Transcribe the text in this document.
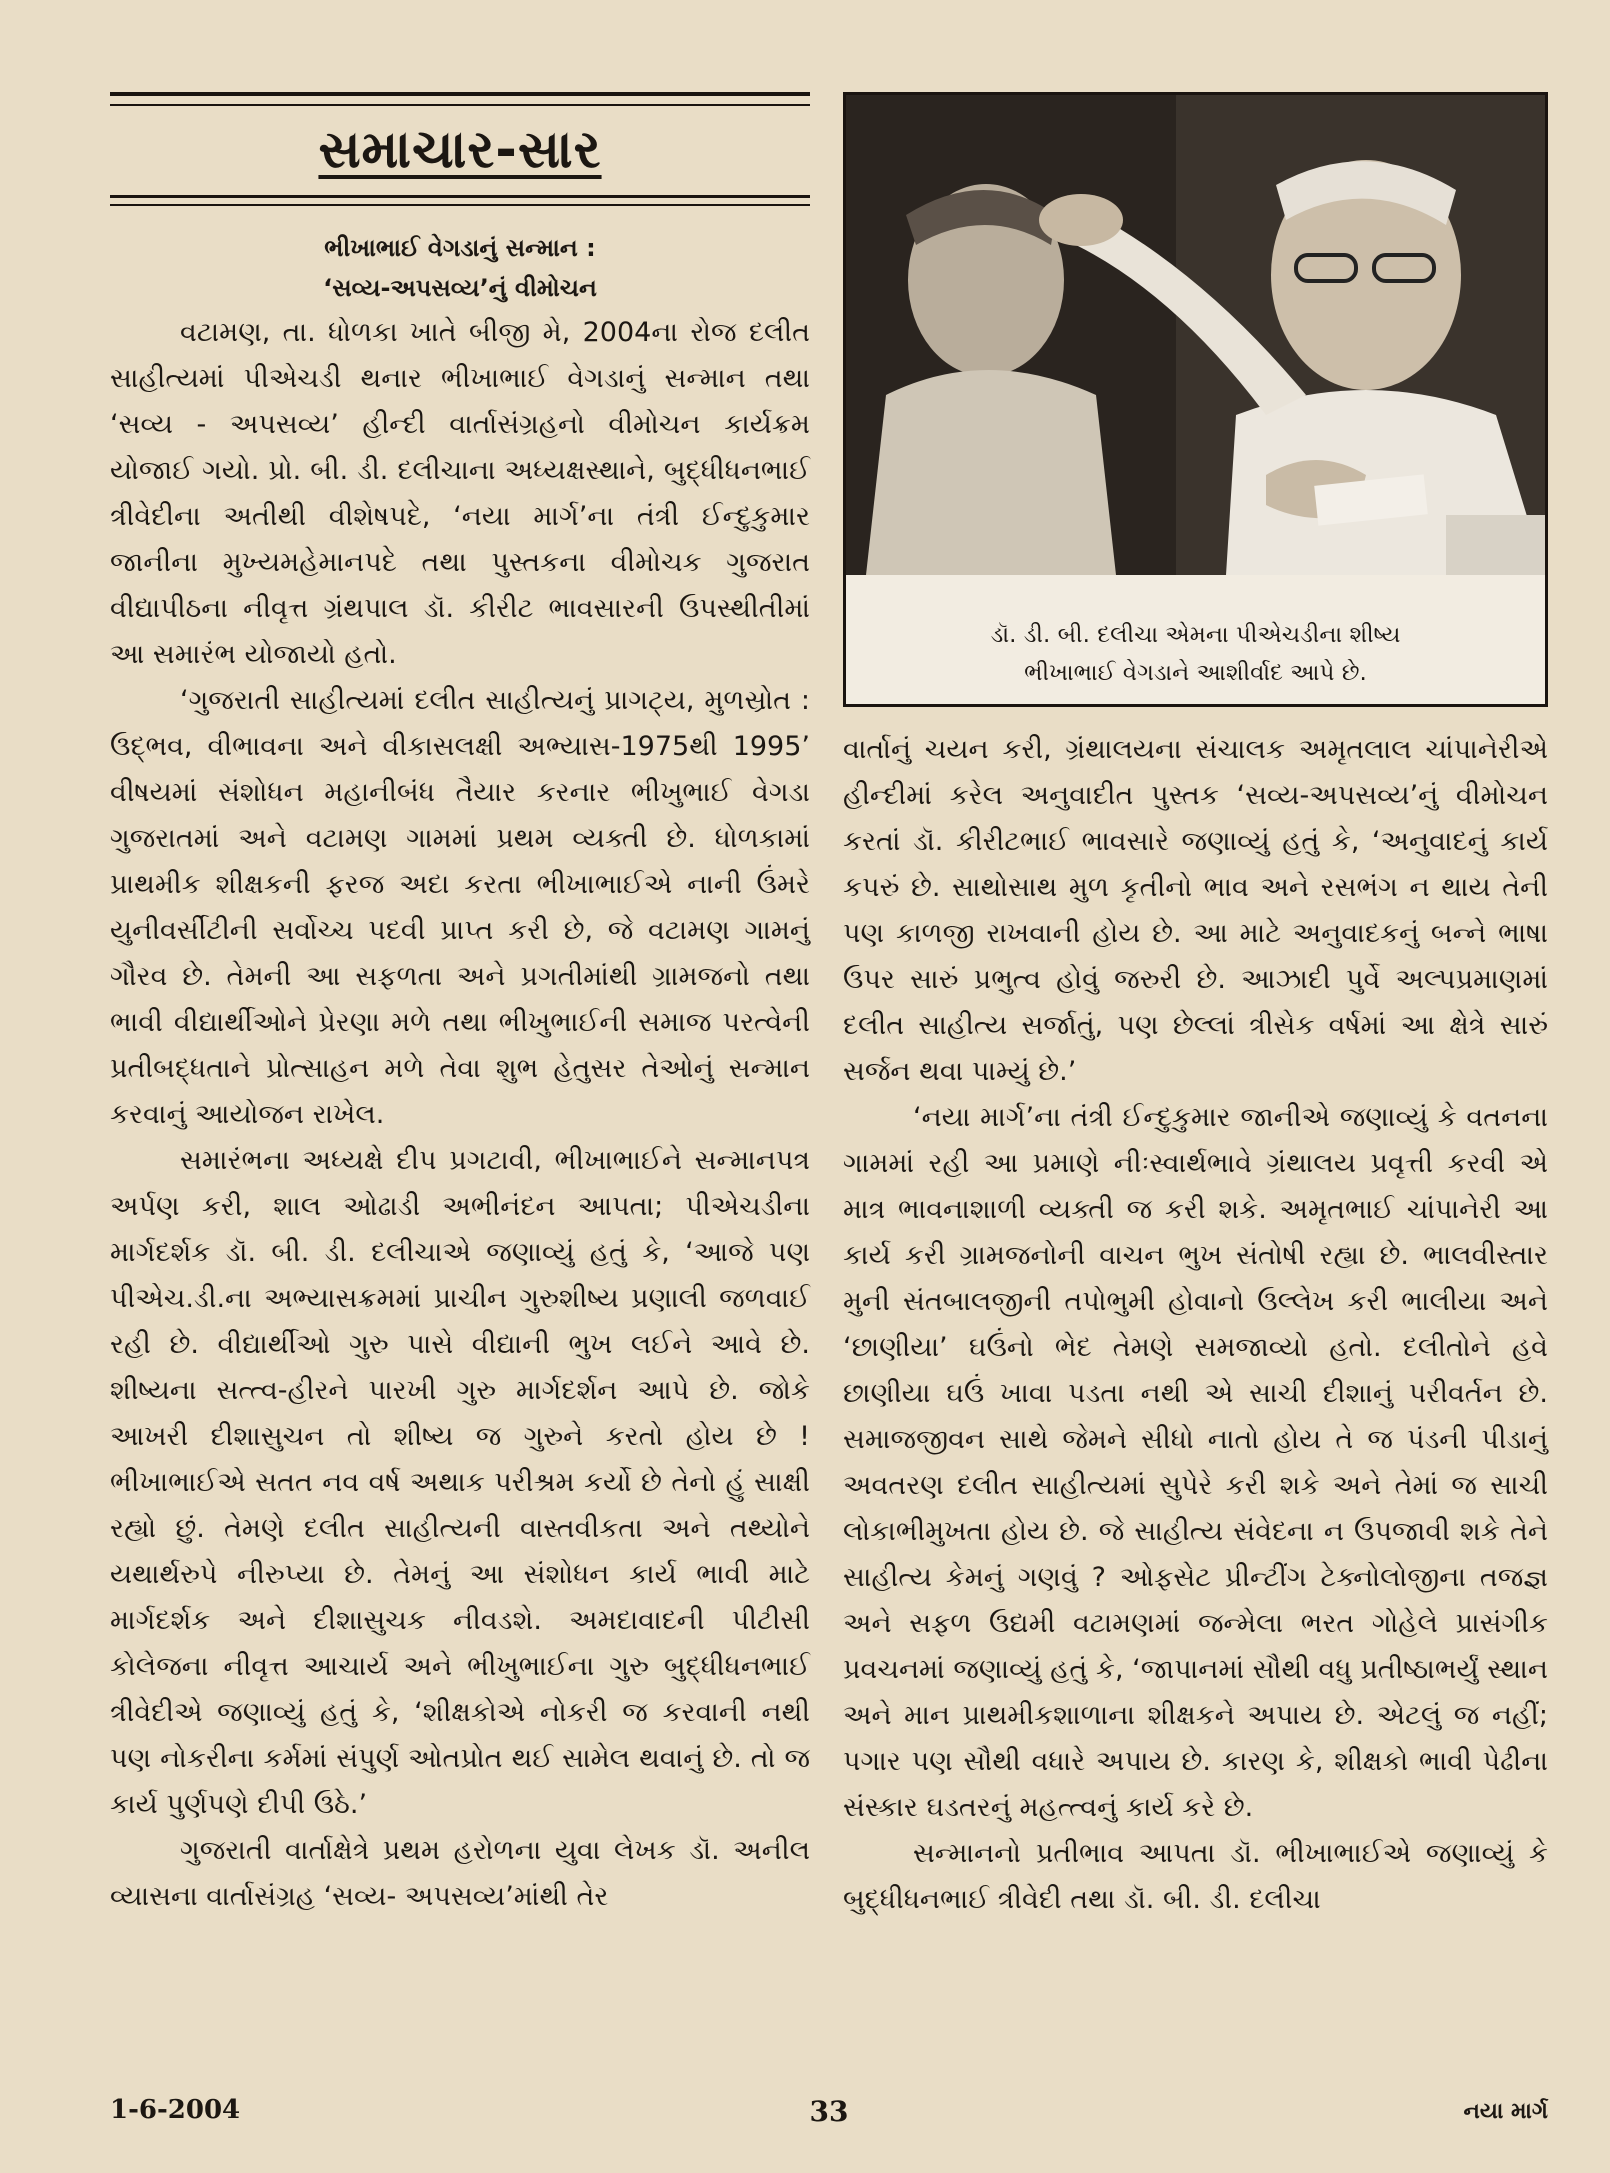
સમાચાર-સાર
ભીખાભાઈ વેગડાનું સન્માન :
‘સવ્ય-અપસવ્ય’નું વીમોચન

વટામણ, તા. ધોળકા ખાતે બીજી મે, 2004ના રોજ દલીત સાહીત્યમાં પીએચડી થનાર ભીખાભાઈ વેગડાનું સન્માન તથા ‘સવ્ય - અપસવ્ય’ હીન્દી વાર્તાસંગ્રહનો વીમોચન કાર્યક્રમ યોજાઈ ગયો. પ્રો. બી. ડી. દલીચાના અધ્યક્ષસ્થાને, બુદ્ધીધનભાઈ ત્રીવેદીના અતીથી વીશેષપદે, ‘નયા માર્ગ’ના તંત્રી ઈન્દુકુમાર જાનીના મુખ્યમહેમાનપદે તથા પુસ્તકના વીમોચક ગુજરાત વીદ્યાપીઠના નીવૃત્ત ગ્રંથપાલ ડૉ. કીરીટ ભાવસારની ઉપસ્થીતીમાં આ સમારંભ યોજાયો હતો.

‘ગુજરાતી સાહીત્યમાં દલીત સાહીત્યનું પ્રાગટ્ય, મુળસ્રોત : ઉદ્‌ભવ, વીભાવના અને વીકાસલક્ષી અભ્યાસ-1975થી 1995’ વીષયમાં સંશોધન મહાનીબંધ તૈયાર કરનાર ભીખુભાઈ વેગડા ગુજરાતમાં અને વટામણ ગામમાં પ્રથમ વ્યક્તી છે. ધોળકામાં પ્રાથમીક શીક્ષકની ફરજ અદા કરતા ભીખાભાઈએ નાની ઉંમરે યુનીવર્સીટીની સર્વોચ્ચ પદવી પ્રાપ્ત કરી છે, જે વટામણ ગામનું ગૌરવ છે. તેમની આ સફળતા અને પ્રગતીમાંથી ગ્રામજનો તથા ભાવી વીદ્યાર્થીઓને પ્રેરણા મળે તથા ભીખુભાઈની સમાજ પરત્વેની પ્રતીબદ્ધતાને પ્રોત્સાહન મળે તેવા શુભ હેતુસર તેઓનું સન્માન કરવાનું આયોજન રાખેલ.

સમારંભના અધ્યક્ષે દીપ પ્રગટાવી, ભીખાભાઈને સન્માનપત્ર અર્પણ કરી, શાલ ઓઢાડી અભીનંદન આપતા; પીએચડીના માર્ગદર્શક ડૉ. બી. ડી. દલીચાએ જણાવ્યું હતું કે, ‘આજે પણ પીએચ.ડી.ના અભ્યાસક્રમમાં પ્રાચીન ગુરુશીષ્ય પ્રણાલી જળવાઈ રહી છે. વીદ્યાર્થીઓ ગુરુ પાસે વીદ્યાની ભુખ લઈને આવે છે. શીષ્યના સત્ત્વ-હીરને પારખી ગુરુ માર્ગદર્શન આપે છે. જોકે આખરી દીશાસુચન તો શીષ્ય જ ગુરુને કરતો હોય છે ! ભીખાભાઈએ સતત નવ વર્ષ અથાક પરીશ્રમ કર્યો છે તેનો હું સાક્ષી રહ્યો છું. તેમણે દલીત સાહીત્યની વાસ્તવીકતા અને તથ્યોને યથાર્થરુપે નીરુપ્યા છે. તેમનું આ સંશોધન કાર્ય ભાવી માટે માર્ગદર્શક અને દીશાસુચક નીવડશે. અમદાવાદની પીટીસી કોલેજના નીવૃત્ત આચાર્ય અને ભીખુભાઈના ગુરુ બુદ્ધીધનભાઈ ત્રીવેદીએ જણાવ્યું હતું કે, ‘શીક્ષકોએ નોકરી જ કરવાની નથી પણ નોકરીના કર્મમાં સંપુર્ણ ઓતપ્રોત થઈ સામેલ થવાનું છે. તો જ કાર્ય પુર્ણપણે દીપી ઉઠે.’

ગુજરાતી વાર્તાક્ષેત્રે પ્રથમ હરોળના યુવા લેખક ડૉ. અનીલ વ્યાસના વાર્તાસંગ્રહ ‘સવ્ય- અપસવ્ય’માંથી તેર

ડૉ. ડી. બી. દલીચા એમના પીએચડીના શીષ્ય
ભીખાભાઈ વેગડાને આશીર્વાદ આપે છે.

વાર્તાનું ચયન કરી, ગ્રંથાલયના સંચાલક અમૃતલાલ ચાંપાનેરીએ હીન્દીમાં કરેલ અનુવાદીત પુસ્તક ‘સવ્ય-અપસવ્ય’નું વીમોચન કરતાં ડૉ. કીરીટભાઈ ભાવસારે જણાવ્યું હતું કે, ‘અનુવાદનું કાર્ય કપરું છે. સાથોસાથ મુળ કૃતીનો ભાવ અને રસભંગ ન થાય તેની પણ કાળજી રાખવાની હોય છે. આ માટે અનુવાદકનું બન્ને ભાષા ઉપર સારું પ્રભુત્વ હોવું જરુરી છે. આઝાદી પુર્વે અલ્પપ્રમાણમાં દલીત સાહીત્ય સર્જાતું, પણ છેલ્લાં ત્રીસેક વર્ષમાં આ ક્ષેત્રે સારું સર્જન થવા પામ્યું છે.’

‘નયા માર્ગ’ના તંત્રી ઈન્દુકુમાર જાનીએ જણાવ્યું કે વતનના ગામમાં રહી આ પ્રમાણે નીઃસ્વાર્થભાવે ગ્રંથાલય પ્રવૃત્તી કરવી એ માત્ર ભાવનાશાળી વ્યક્તી જ કરી શકે. અમૃતભાઈ ચાંપાનેરી આ કાર્ય કરી ગ્રામજનોની વાચન ભુખ સંતોષી રહ્યા છે. ભાલવીસ્તાર મુની સંતબાલજીની તપોભુમી હોવાનો ઉલ્લેખ કરી ભાલીયા અને ‘છાણીયા’ ઘઉંનો ભેદ તેમણે સમજાવ્યો હતો. દલીતોને હવે છાણીયા ઘઉં ખાવા પડતા નથી એ સાચી દીશાનું પરીવર્તન છે. સમાજજીવન સાથે જેમને સીધો નાતો હોય તે જ પંડની પીડાનું અવતરણ દલીત સાહીત્યમાં સુપેરે કરી શકે અને તેમાં જ સાચી લોકાભીમુખતા હોય છે. જે સાહીત્ય સંવેદના ન ઉપજાવી શકે તેને સાહીત્ય કેમનું ગણવું ? ઓફસેટ પ્રીન્ટીંગ ટેક્નોલોજીના તજજ્ઞ અને સફળ ઉદ્યમી વટામણમાં જન્મેલા ભરત ગોહેલે પ્રાસંગીક પ્રવચનમાં જણાવ્યું હતું કે, ‘જાપાનમાં સૌથી વધુ પ્રતીષ્ઠાભર્યું સ્થાન અને માન પ્રાથમીકશાળાના શીક્ષકને અપાય છે. એટલું જ નહીં; પગાર પણ સૌથી વધારે અપાય છે. કારણ કે, શીક્ષકો ભાવી પેઢીના સંસ્કાર ઘડતરનું મહત્ત્વનું કાર્ય કરે છે.

સન્માનનો પ્રતીભાવ આપતા ડૉ. ભીખાભાઈએ જણાવ્યું કે બુદ્ધીધનભાઈ ત્રીવેદી તથા ડૉ. બી. ડી. દલીચા

1-6-2004	33	નયા માર્ગ
